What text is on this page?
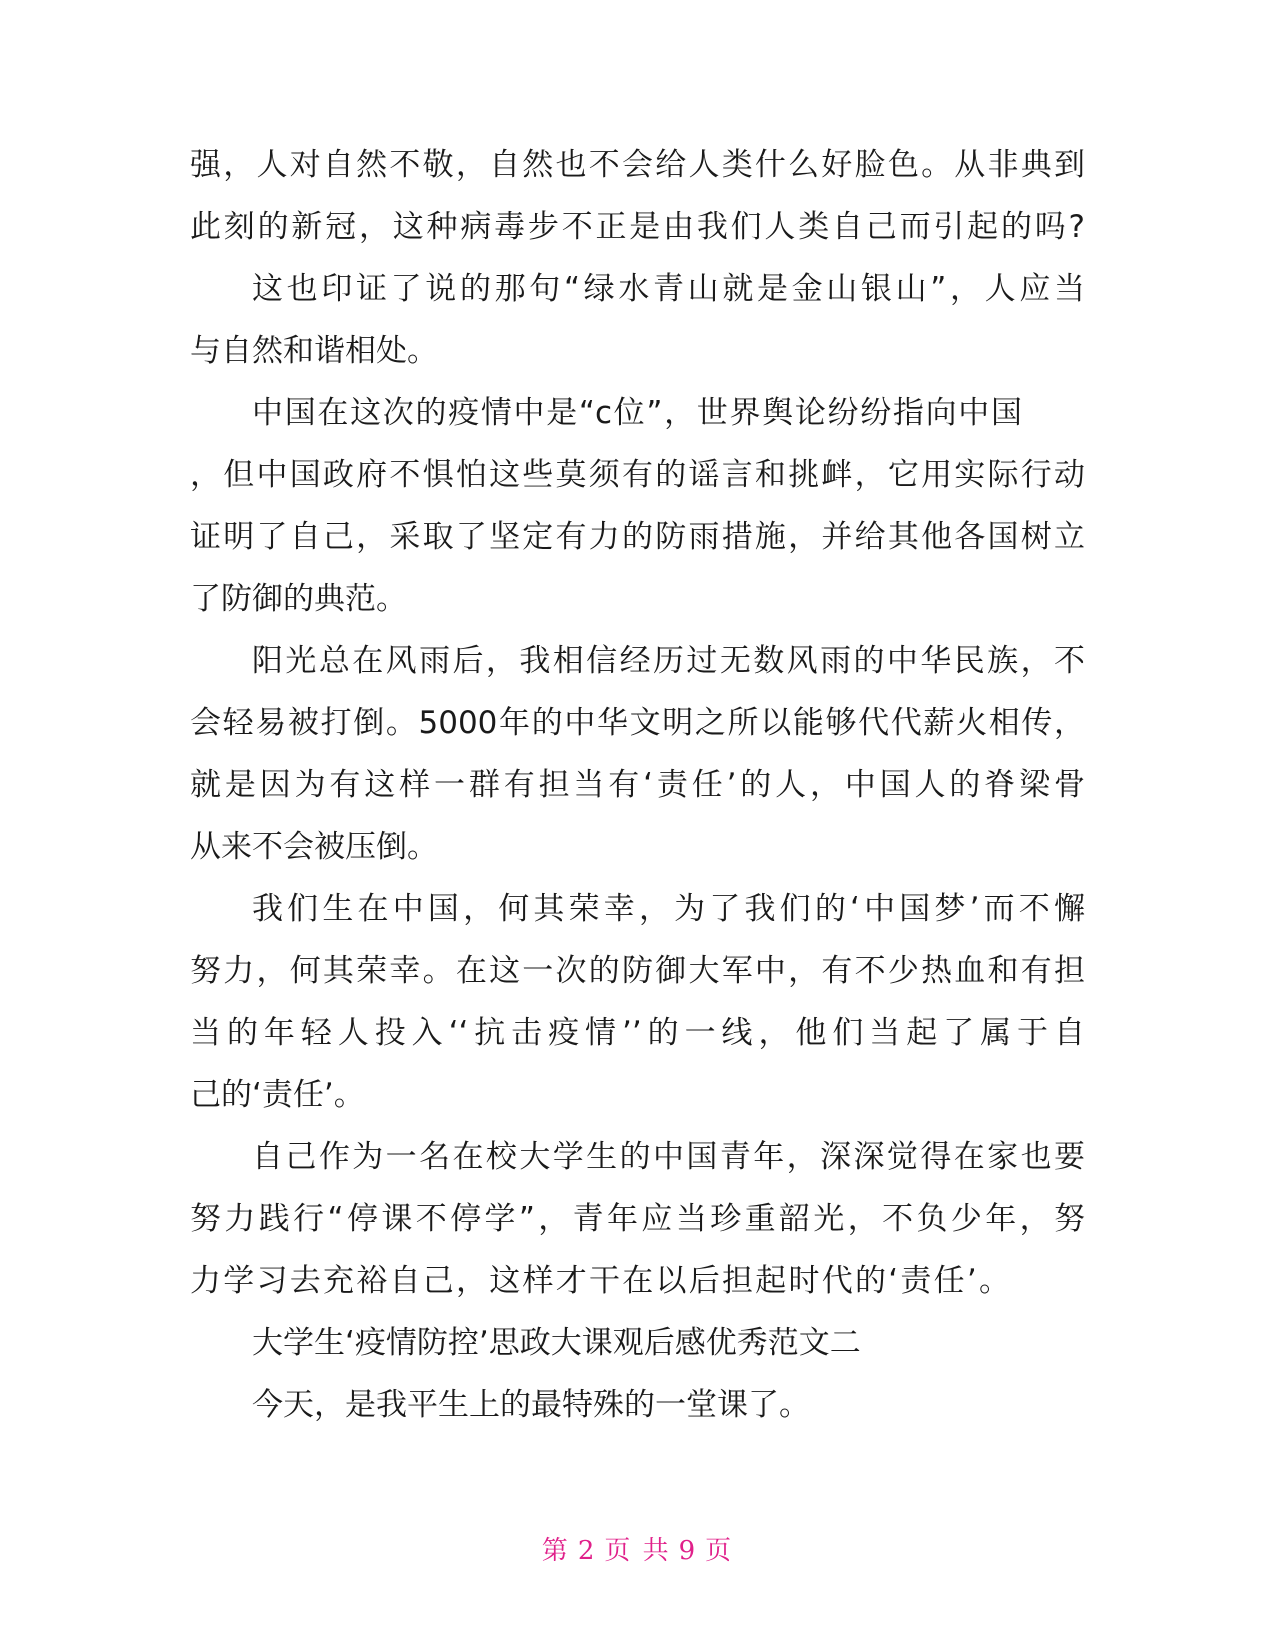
强，人对自然不敬，自然也不会给人类什么好脸色。从非典到
此刻的新冠，这种病毒步不正是由我们人类自己而引起的吗?
这也印证了说的那句“绿水青山就是金山银山”，人应当
与自然和谐相处。
中国在这次的疫情中是“c位”，世界舆论纷纷指向中国
，但中国政府不惧怕这些莫须有的谣言和挑衅，它用实际行动
证明了自己，采取了坚定有力的防雨措施，并给其他各国树立
了防御的典范。
阳光总在风雨后，我相信经历过无数风雨的中华民族，不
会轻易被打倒。5000年的中华文明之所以能够代代薪火相传，
就是因为有这样一群有担当有‘责任’的人，中国人的脊梁骨
从来不会被压倒。
我们生在中国，何其荣幸，为了我们的‘中国梦’而不懈
努力，何其荣幸。在这一次的防御大军中，有不少热血和有担
当的年轻人投入‘‘抗击疫情’’的一线，他们当起了属于自
己的‘责任’。
自己作为一名在校大学生的中国青年，深深觉得在家也要
努力践行“停课不停学”，青年应当珍重韶光，不负少年，努
力学习去充裕自己，这样才干在以后担起时代的‘责任’。
大学生‘疫情防控’思政大课观后感优秀范文二
今天，是我平生上的最特殊的一堂课了。
第 2 页 共 9 页
